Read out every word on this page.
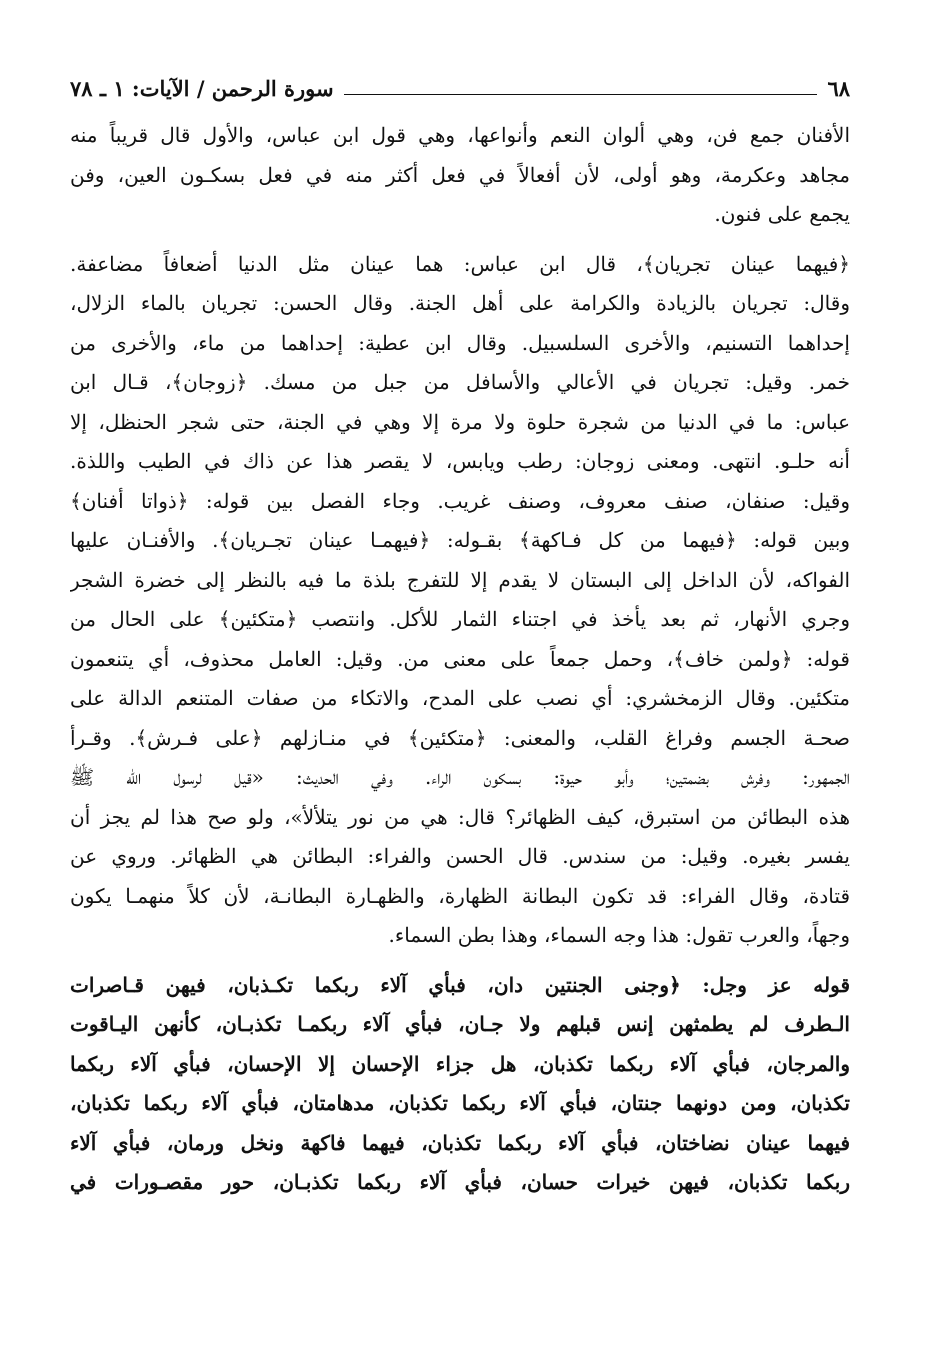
٦٨
سورة الرحمن / الآيات: ١ ـ ٧٨
الأفنان جمع فن، وهي ألوان النعم وأنواعها، وهي قول ابن عباس، والأول قال قريباً منه
مجاهد وعكرمة، وهو أولى، لأن أفعالاً في فعل أكثر منه في فعل بسكـون العين، وفن
يجمع على فنون.
﴿فيهما عينان تجريان﴾، قال ابن عباس: هما عينان مثل الدنيا أضعافاً مضاعفة.
وقال: تجريان بالزيادة والكرامة على أهل الجنة. وقال الحسن: تجريان بالماء الزلال،
إحداهما التسنيم، والأخرى السلسبيل. وقال ابن عطية: إحداهما من ماء، والأخرى من
خمر. وقيل: تجريان في الأعالي والأسافل من جبل من مسك. ﴿زوجان﴾، قـال ابن
عباس: ما في الدنيا من شجرة حلوة ولا مرة إلا وهي في الجنة، حتى شجر الحنظل، إلا
أنه حلـو. انتهى. ومعنى زوجان: رطب ويابس، لا يقصر هذا عن ذاك في الطيب واللذة.
وقيل: صنفان، صنف معروف، وصنف غريب. وجاء الفصل بين قوله: ﴿ذواتا أفنان﴾
وبين قوله: ﴿فيهما من كل فـاكهة﴾ بقـوله: ﴿فيهمـا عينان تجـريان﴾. والأفنـان عليها
الفواكه، لأن الداخل إلى البستان لا يقدم إلا للتفرج بلذة ما فيه بالنظر إلى خضرة الشجر
وجري الأنهار، ثم بعد يأخذ في اجتناء الثمار للأكل. وانتصب ﴿متكئين﴾ على الحال من
قوله: ﴿ولمن خاف﴾، وحمل جمعاً على معنى من. وقيل: العامل محذوف، أي يتنعمون
متكئين. وقال الزمخشري: أي نصب على المدح، والاتكاء من صفات المتنعم الدالة على
صحـة الجسم وفراغ القلب، والمعنى: ﴿متكئين﴾ في منـازلهم ﴿على فـرش﴾. وقـرأ
الجمهور: وفرش بضمتين؛ وأبو حيوة: بسكون الراء. وفي الحديث: «قيل لرسول الله ﷺ
هذه البطائن من استبرق، كيف الظهائر؟ قال: هي من نور يتلألأ»، ولو صح هذا لم يجز أن
يفسر بغيره. وقيل: من سندس. قال الحسن والفراء: البطائن هي الظهائر. وروي عن
قتادة، وقال الفراء: قد تكون البطانة الظهارة، والظهـارة البطانـة، لأن كلاً منهمـا يكون
وجهاً، والعرب تقول: هذا وجه السماء، وهذا بطن السماء.
قوله عز وجل: ﴿وجنى الجنتين دان، فبأي آلاء ربكما تكـذبان، فيهن قـاصرات
الـطرف لم يطمثهن إنس قبلهم ولا جـان، فبأي آلاء ربكمـا تكذبـان، كأنهن اليـاقوت
والمرجان، فبأي آلاء ربكما تكذبان، هل جزاء الإحسان إلا الإحسان، فبأي آلاء ربكما
تكذبان، ومن دونهما جنتان، فبأي آلاء ربكما تكذبان، مدهامتان، فبأي آلاء ربكما تكذبان،
فيهما عينان نضاختان، فبأي آلاء ربكما تكذبان، فيهما فاكهة ونخل ورمان، فبأي آلاء
ربكما تكذبان، فيهن خيرات حسان، فبأي آلاء ربكما تكذبـان، حور مقصـورات في
